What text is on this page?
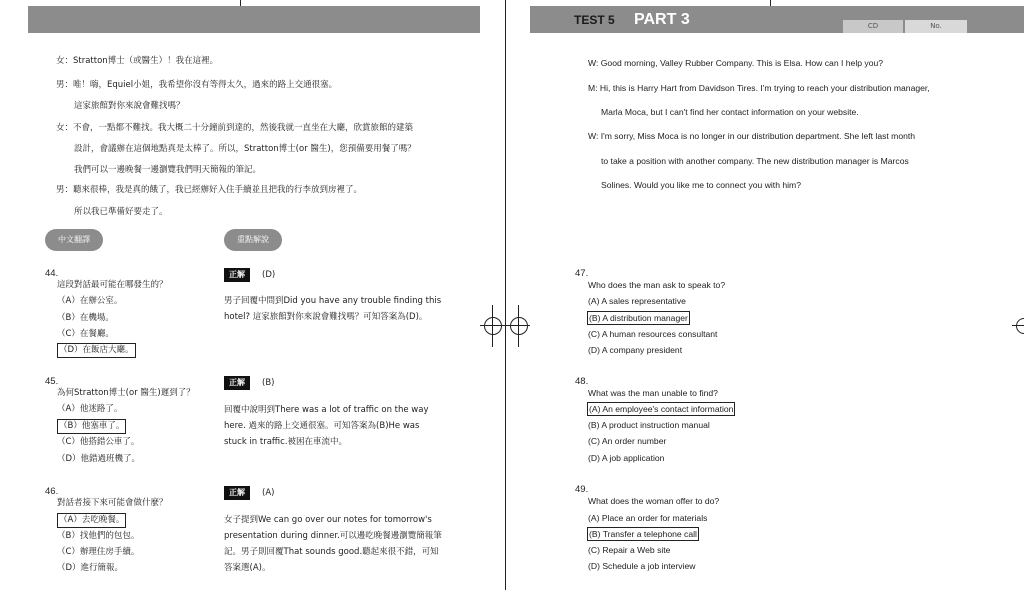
TEST 5 PART 3	CD	No.
女：Stratton博士（或醫生）！我在這裡。
男：唯！嗨，Equiel小姐，我希望你沒有等得太久，過來的路上交通很塞。
這家旅館對你來說會難找嗎？
女：不會，一點都不難找。我大概二十分鐘前到達的，然後我就一直坐在大廳，欣賞旅館的建築
設計，會議辦在這個地點真是太棒了。所以，Stratton博士(or 醫生)，您預備要用餐了嗎？
我們可以一邊晚餐一邊瀏覽我們明天簡報的筆記。
男：聽來很棒，我是真的餓了，我已經辦好入住手續並且把我的行李放到房裡了。
所以我已準備好要走了。
中文翻譯	重點解說
44.
這段對話最可能在哪發生的？
（A）在辦公室。
（B）在機場。
（C）在餐廳。
（D）在飯店大廳。
正解	(D)
男子回覆中問到Did you have any trouble finding this
hotel? 這家旅館對你來說會難找嗎？可知答案為(D)。
45.
為何Stratton博士(or 醫生)遲到了？
（A）他迷路了。
（B）他塞車了。
（C）他搭錯公車了。
（D）他錯過班機了。
正解	(B)
回覆中說明到There was a lot of traffic on the way
here. 過來的路上交通很塞。可知答案為(B)He was
stuck in traffic.被困在車流中。
46.
對話者接下來可能會做什麼？
（A）去吃晚餐。
（B）找他們的包包。
（C）辦理住房手續。
（D）進行簡報。
正解	(A)
女子提到We can go over our notes for tomorrow's
presentation during dinner.可以邊吃晚餐邊瀏覽簡報筆
記。男子則回覆That sounds good.聽起來很不錯，可知
答案選(A)。
W: Good morning, Valley Rubber Company. This is Elsa. How can I help you?
M: Hi, this is Harry Hart from Davidson Tires. I'm trying to reach your distribution manager,
Marla Moca, but I can't find her contact information on your website.
W: I'm sorry, Miss Moca is no longer in our distribution department. She left last month
to take a position with another company. The new distribution manager is Marcos
Solines. Would you like me to connect you with him?
47.
Who does the man ask to speak to?
(A) A sales representative
(B) A distribution manager
(C) A human resources consultant
(D) A company president
48.
What was the man unable to find?
(A) An employee's contact information
(B) A product instruction manual
(C) An order number
(D) A job application
49.
What does the woman offer to do?
(A) Place an order for materials
(B) Transfer a telephone call
(C) Repair a Web site
(D) Schedule a job interview
